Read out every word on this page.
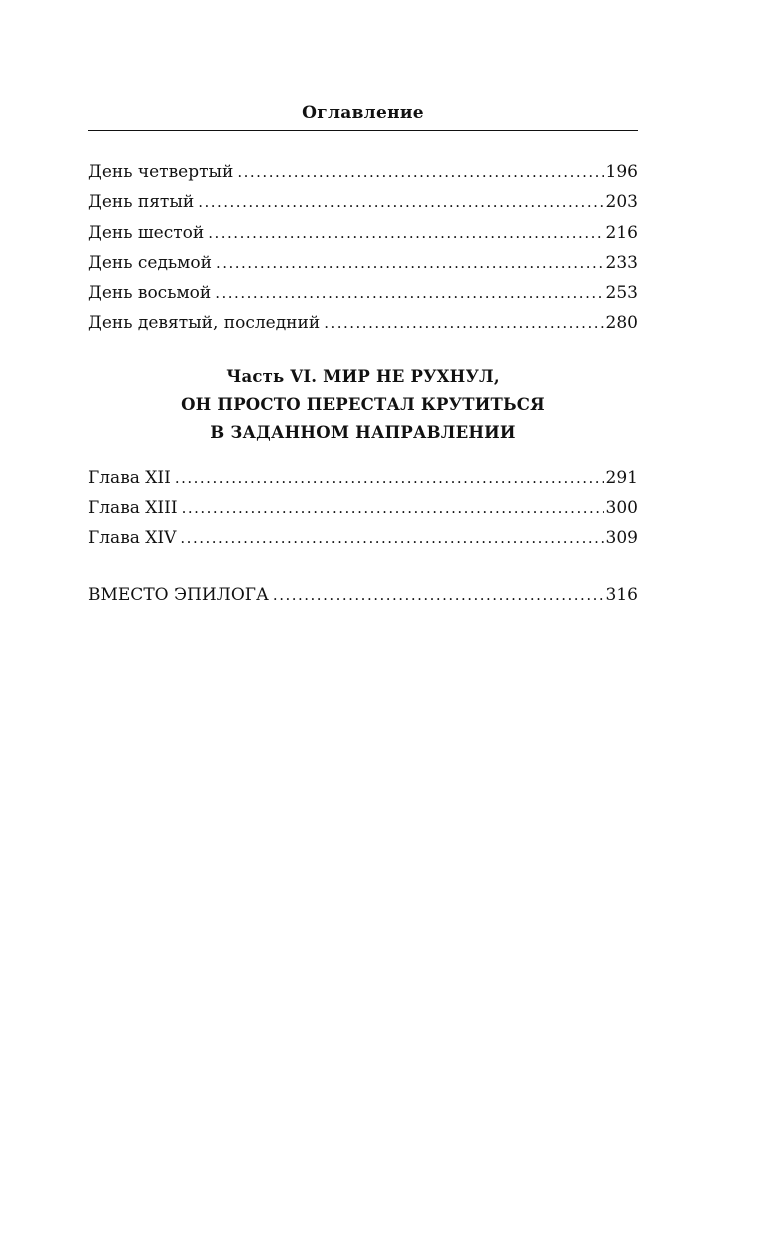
Оглавление
День четвертый .....	196
День пятый .....	203
День шестой .....	216
День седьмой .....	233
День восьмой .....	253
День девятый, последний .....	280
Часть VI. МИР НЕ РУХНУЛ,
ОН ПРОСТО ПЕРЕСТАЛ КРУТИТЬСЯ
В ЗАДАННОМ НАПРАВЛЕНИИ
Глава XII .....	291
Глава XIII .....	300
Глава XIV .....	309
ВМЕСТО ЭПИЛОГА .....	316
